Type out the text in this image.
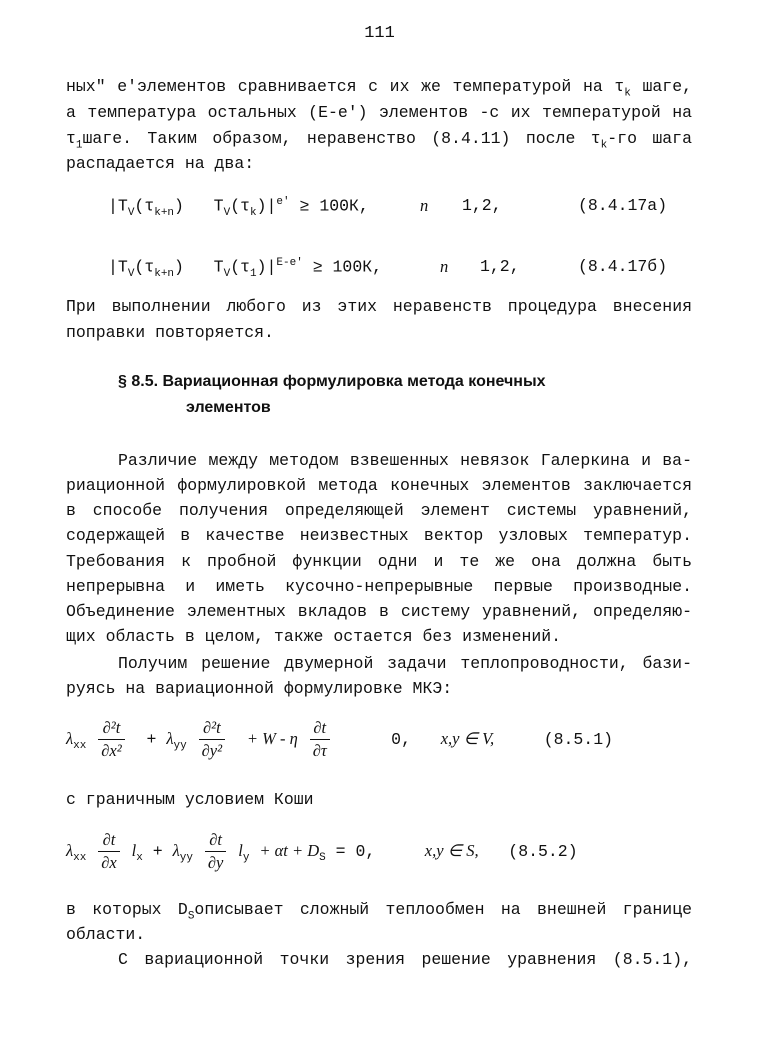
111
ных" e'элементов сравнивается с их же температурой на $\tau_k$ шаге,
а температура остальных (E-e') элементов -с их температурой на
$\tau_1шаге$. Таким образом, неравенство (8.4.11) после $\tau_k-го$ шага
распадается на два:
$|T_V(\tau_{k+n}) T_V(\tau_k)|^{e'} \ge 100К$,	n 1,2,	(8.4.17а)
$|T_V(\tau_{k+n}) T_V(\tau_1)|^{E-e'} \ge 100К$,	n 1,2,	(8.4.17б)
При выполнении любого из этих неравенств процедура внесения
поправки повторяется.
§ 8.5. Вариационная формулировка метода конечных
элементов
Различие между методом взвешенных невязок Галеркина и ва-
риационной формулировкой метода конечных элементов заключается
в способе получения определяющей элемент системы уравнений,
содержащей в качестве неизвестных вектор узловых температур.
Требования к пробной функции одни и те же она должна быть
непрерывна и иметь кусочно-непрерывные первые производные.
Объединение элементных вкладов в систему уравнений, определяю-
щих область в целом, также остается без изменений.
Получим решение двумерной задачи теплопроводности, бази-
руясь на вариационной формулировке МКЭ:
$\lambda_{xx} \frac{\text{∂²t}}{\text{∂x²}} + \lambda_{yy} \frac{\text{∂²t}}{\text{∂y²}} + W - \eta \frac{\partial t}{\partial\tau}$	0, x,y ∈ V,	(8.5.1)
с граничным условием Коши
$\lambda_{xx} \frac{\partial t}{\partial x} l_x + \lambda_{yy} \frac{\partial t}{\partial y} l_y + \alpha t + D_S = 0$,	x,y ∈ S, (8.5.2)
в которых $D_Sописывает$ сложный теплообмен на внешней границе
области.
С вариационной точки зрения решение уравнения (8.5.1),
